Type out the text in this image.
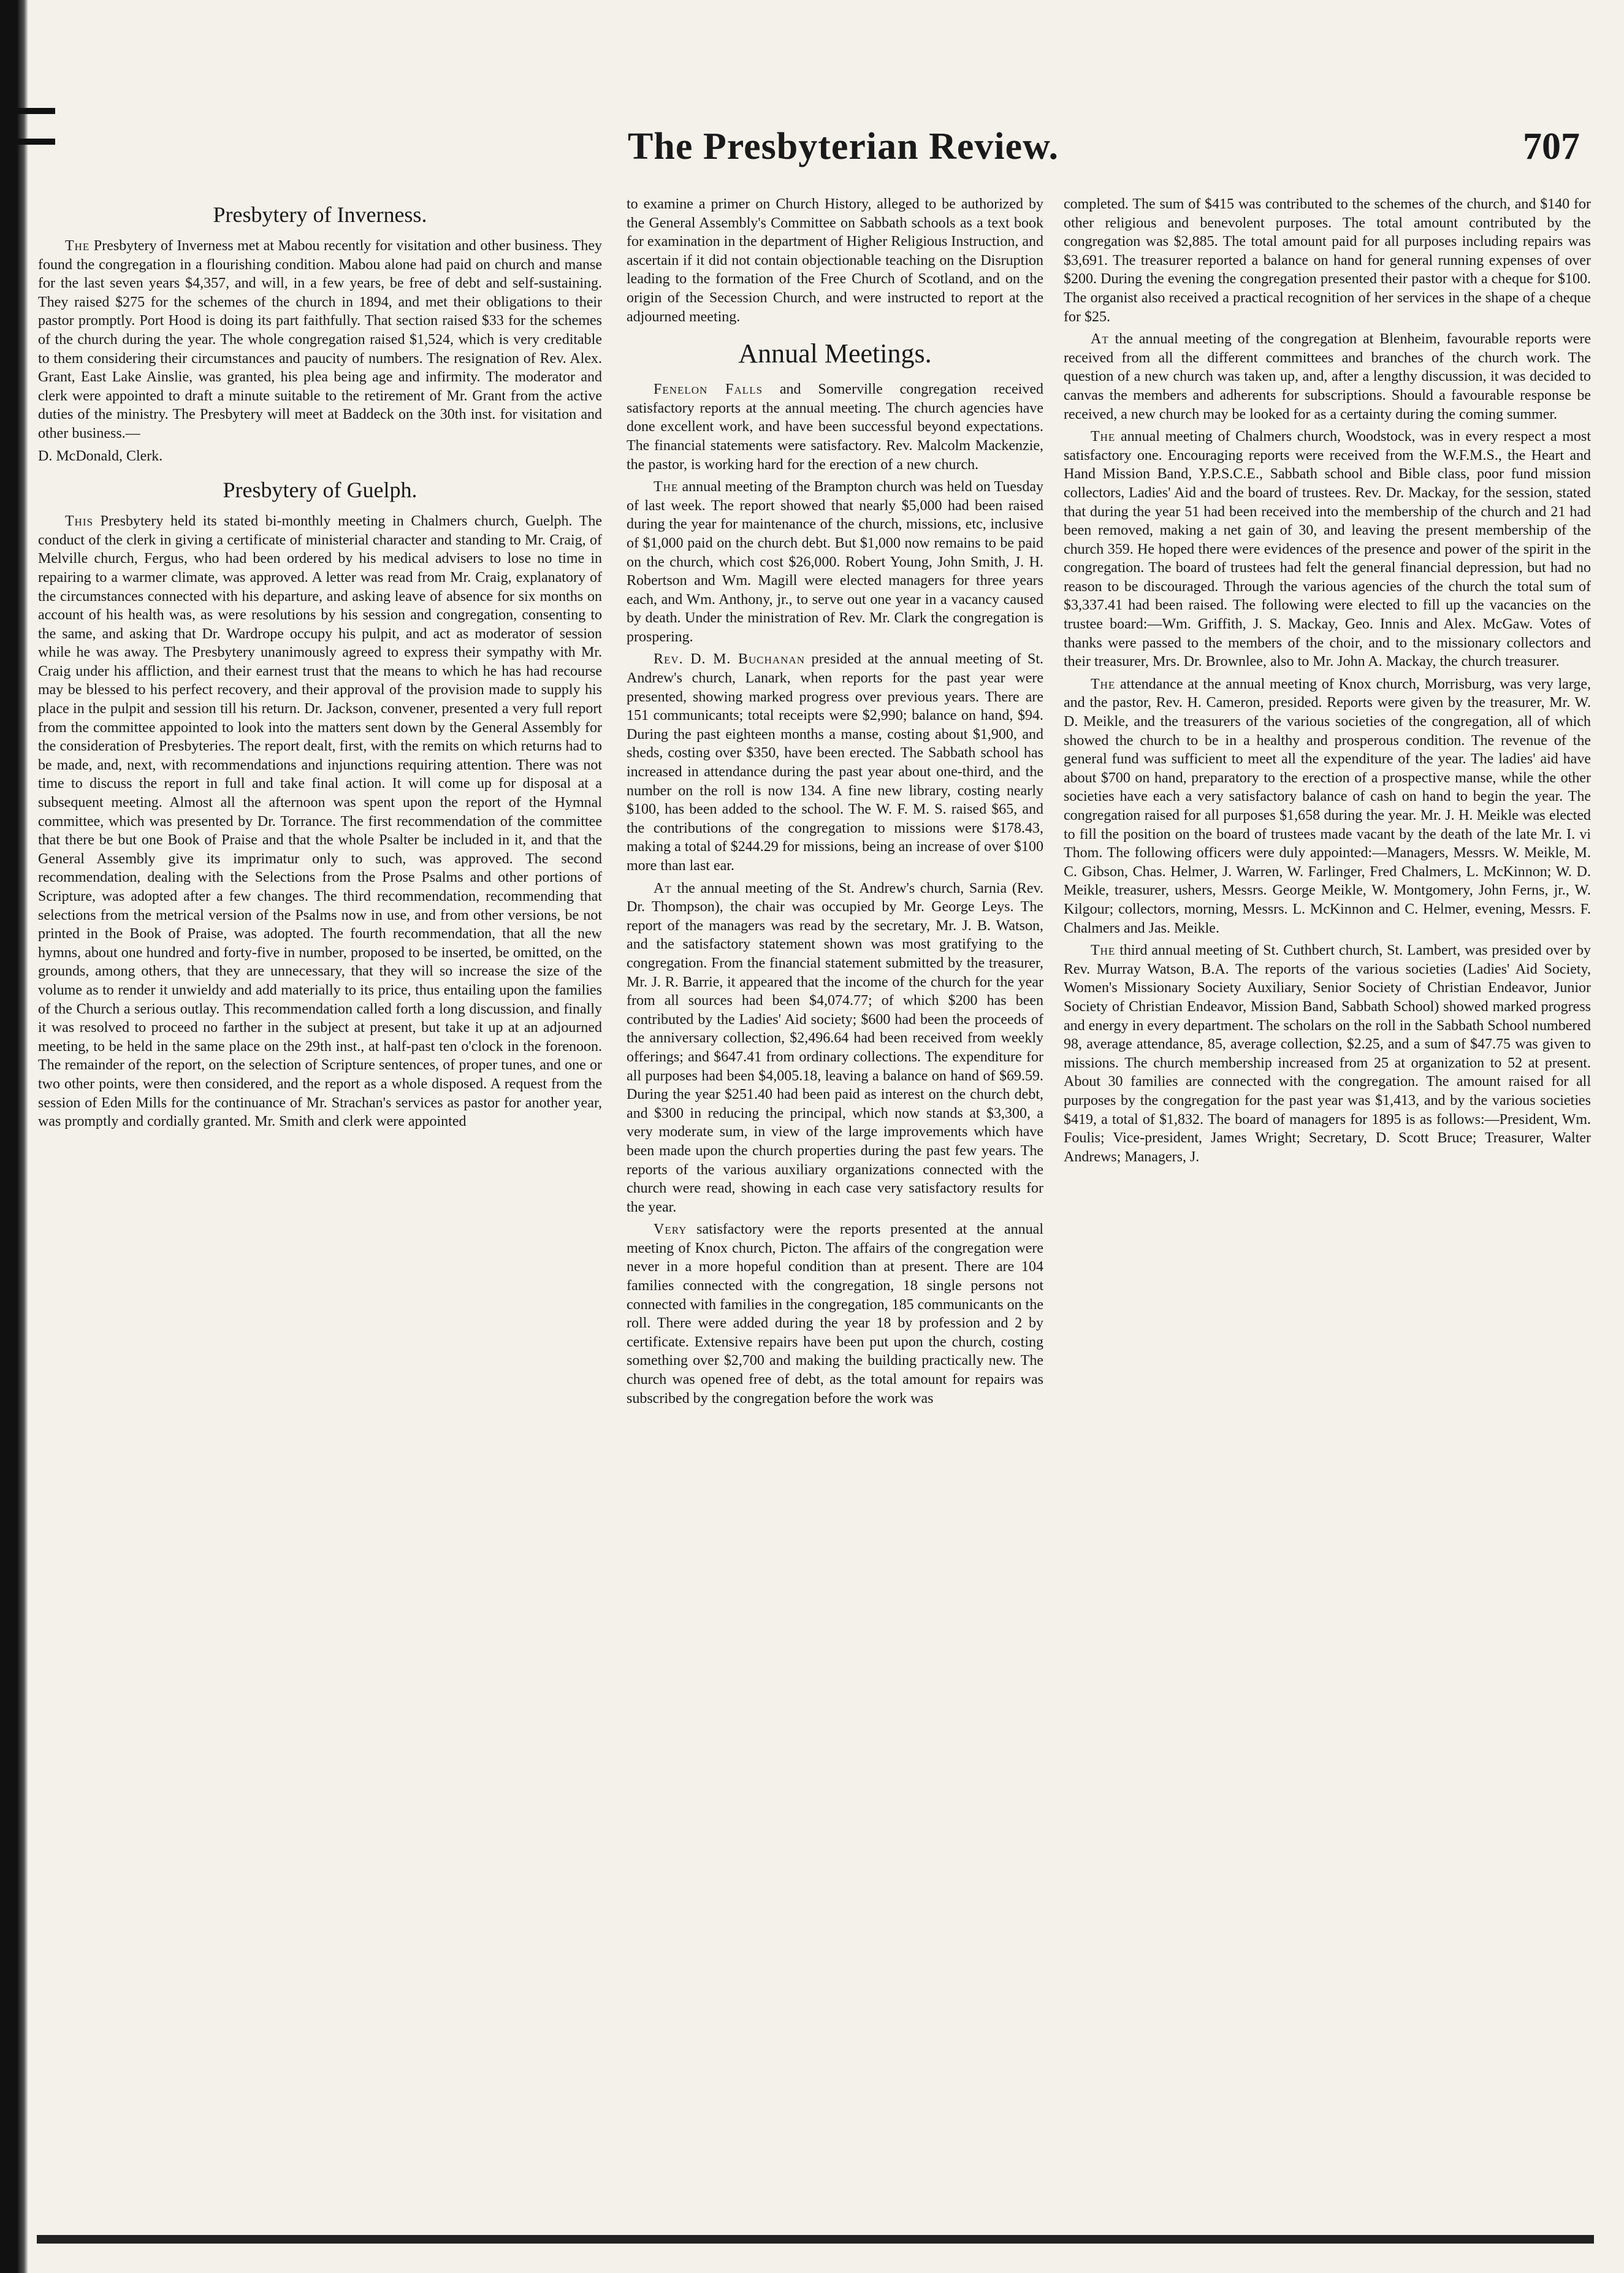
The Presbyterian Review.	707
Presbytery of Inverness.

The Presbytery of Inverness met at Mabou recently for visitation and other business. They found the congregation in a flourishing condition. Mabou alone had paid on church and manse for the last seven years $4,357, and will, in a few years, be free of debt and self-sustaining. They raised $275 for the schemes of the church in 1894, and met their obligations to their pastor promptly. Port Hood is doing its part faithfully. That section raised $33 for the schemes of the church during the year. The whole congregation raised $1,524, which is very creditable to them considering their circumstances and paucity of numbers. The resignation of Rev. Alex. Grant, East Lake Ainslie, was granted, his plea being age and infirmity. The moderator and clerk were appointed to draft a minute suitable to the retirement of Mr. Grant from the active duties of the ministry. The Presbytery will meet at Baddeck on the 30th inst. for visitation and other business.—

D. McDonald, Clerk.

Presbytery of Guelph.

This Presbytery held its stated bi-monthly meeting in Chalmers church, Guelph. The conduct of the clerk in giving a certificate of ministerial character and standing to Mr. Craig, of Melville church, Fergus, who had been ordered by his medical advisers to lose no time in repairing to a warmer climate, was approved. A letter was read from Mr. Craig, explanatory of the circumstances connected with his departure, and asking leave of absence for six months on account of his health was, as were resolutions by his session and congregation, consenting to the same, and asking that Dr. Wardrope occupy his pulpit, and act as moderator of session while he was away. The Presbytery unanimously agreed to express their sympathy with Mr. Craig under his affliction, and their earnest trust that the means to which he has had recourse may be blessed to his perfect recovery, and their approval of the provision made to supply his place in the pulpit and session till his return. Dr. Jackson, convener, presented a very full report from the committee appointed to look into the matters sent down by the General Assembly for the consideration of Presbyteries. The report dealt, first, with the remits on which returns had to be made, and, next, with recommendations and injunctions requiring attention. There was not time to discuss the report in full and take final action. It will come up for disposal at a subsequent meeting. Almost all the afternoon was spent upon the report of the Hymnal committee, which was presented by Dr. Torrance. The first recommendation of the committee that there be but one Book of Praise and that the whole Psalter be included in it, and that the General Assembly give its imprimatur only to such, was approved. The second recommendation, dealing with the Selections from the Prose Psalms and other portions of Scripture, was adopted after a few changes. The third recommendation, recommending that selections from the metrical version of the Psalms now in use, and from other versions, be not printed in the Book of Praise, was adopted. The fourth recommendation, that all the new hymns, about one hundred and forty-five in number, proposed to be inserted, be omitted, on the grounds, among others, that they are unnecessary, that they will so increase the size of the volume as to render it unwieldy and add materially to its price, thus entailing upon the families of the Church a serious outlay. This recommendation called forth a long discussion, and finally it was resolved to proceed no farther in the subject at present, but take it up at an adjourned meeting, to be held in the same place on the 29th inst., at half-past ten o'clock in the forenoon. The remainder of the report, on the selection of Scripture sentences, of proper tunes, and one or two other points, were then considered, and the report as a whole disposed. A request from the session of Eden Mills for the continuance of Mr. Strachan's services as pastor for another year, was promptly and cordially granted. Mr. Smith and clerk were appointed

to examine a primer on Church History, alleged to be authorized by the General Assembly's Committee on Sabbath schools as a text book for examination in the department of Higher Religious Instruction, and ascertain if it did not contain objectionable teaching on the Disruption leading to the formation of the Free Church of Scotland, and on the origin of the Secession Church, and were instructed to report at the adjourned meeting.

Annual Meetings.

Fenelon Falls and Somerville congregation received satisfactory reports at the annual meeting. The church agencies have done excellent work, and have been successful beyond expectations. The financial statements were satisfactory. Rev. Malcolm Mackenzie, the pastor, is working hard for the erection of a new church.

The annual meeting of the Brampton church was held on Tuesday of last week. The report showed that nearly $5,000 had been raised during the year for maintenance of the church, missions, etc, inclusive of $1,000 paid on the church debt. But $1,000 now remains to be paid on the church, which cost $26,000. Robert Young, John Smith, J. H. Robertson and Wm. Magill were elected managers for three years each, and Wm. Anthony, jr., to serve out one year in a vacancy caused by death. Under the ministration of Rev. Mr. Clark the congregation is prospering.

Rev. D. M. Buchanan presided at the annual meeting of St. Andrew's church, Lanark, when reports for the past year were presented, showing marked progress over previous years. There are 151 communicants; total receipts were $2,990; balance on hand, $94. During the past eighteen months a manse, costing about $1,900, and sheds, costing over $350, have been erected. The Sabbath school has increased in attendance during the past year about one-third, and the number on the roll is now 134. A fine new library, costing nearly $100, has been added to the school. The W. F. M. S. raised $65, and the contributions of the congregation to missions were $178.43, making a total of $244.29 for missions, being an increase of over $100 more than last ear.

At the annual meeting of the St. Andrew's church, Sarnia (Rev. Dr. Thompson), the chair was occupied by Mr. George Leys. The report of the managers was read by the secretary, Mr. J. B. Watson, and the satisfactory statement shown was most gratifying to the congregation. From the financial statement submitted by the treasurer, Mr. J. R. Barrie, it appeared that the income of the church for the year from all sources had been $4,074.77; of which $200 has been contributed by the Ladies' Aid society; $600 had been the proceeds of the anniversary collection, $2,496.64 had been received from weekly offerings; and $647.41 from ordinary collections. The expenditure for all purposes had been $4,005.18, leaving a balance on hand of $69.59. During the year $251.40 had been paid as interest on the church debt, and $300 in reducing the principal, which now stands at $3,300, a very moderate sum, in view of the large improvements which have been made upon the church properties during the past few years. The reports of the various auxiliary organizations connected with the church were read, showing in each case very satisfactory results for the year.

Very satisfactory were the reports presented at the annual meeting of Knox church, Picton. The affairs of the congregation were never in a more hopeful condition than at present. There are 104 families connected with the congregation, 18 single persons not connected with families in the congregation, 185 communicants on the roll. There were added during the year 18 by profession and 2 by certificate. Extensive repairs have been put upon the church, costing something over $2,700 and making the building practically new. The church was opened free of debt, as the total amount for repairs was subscribed by the congregation before the work was

completed. The sum of $415 was contributed to the schemes of the church, and $140 for other religious and benevolent purposes. The total amount contributed by the congregation was $2,885. The total amount paid for all purposes including repairs was $3,691. The treasurer reported a balance on hand for general running expenses of over $200. During the evening the congregation presented their pastor with a cheque for $100. The organist also received a practical recognition of her services in the shape of a cheque for $25.

At the annual meeting of the congregation at Blenheim, favourable reports were received from all the different committees and branches of the church work. The question of a new church was taken up, and, after a lengthy discussion, it was decided to canvas the members and adherents for subscriptions. Should a favourable response be received, a new church may be looked for as a certainty during the coming summer.

The annual meeting of Chalmers church, Woodstock, was in every respect a most satisfactory one. Encouraging reports were received from the W.F.M.S., the Heart and Hand Mission Band, Y.P.S.C.E., Sabbath school and Bible class, poor fund mission collectors, Ladies' Aid and the board of trustees. Rev. Dr. Mackay, for the session, stated that during the year 51 had been received into the membership of the church and 21 had been removed, making a net gain of 30, and leaving the present membership of the church 359. He hoped there were evidences of the presence and power of the spirit in the congregation. The board of trustees had felt the general financial depression, but had no reason to be discouraged. Through the various agencies of the church the total sum of $3,337.41 had been raised. The following were elected to fill up the vacancies on the trustee board:—Wm. Griffith, J. S. Mackay, Geo. Innis and Alex. McGaw. Votes of thanks were passed to the members of the choir, and to the missionary collectors and their treasurer, Mrs. Dr. Brownlee, also to Mr. John A. Mackay, the church treasurer.

The attendance at the annual meeting of Knox church, Morrisburg, was very large, and the pastor, Rev. H. Cameron, presided. Reports were given by the treasurer, Mr. W. D. Meikle, and the treasurers of the various societies of the congregation, all of which showed the church to be in a healthy and prosperous condition. The revenue of the general fund was sufficient to meet all the expenditure of the year. The ladies' aid have about $700 on hand, preparatory to the erection of a prospective manse, while the other societies have each a very satisfactory balance of cash on hand to begin the year. The congregation raised for all purposes $1,658 during the year. Mr. J. H. Meikle was elected to fill the position on the board of trustees made vacant by the death of the late Mr. I. vi Thom. The following officers were duly appointed:—Managers, Messrs. W. Meikle, M. C. Gibson, Chas. Helmer, J. Warren, W. Farlinger, Fred Chalmers, L. McKinnon; W. D. Meikle, treasurer, ushers, Messrs. George Meikle, W. Montgomery, John Ferns, jr., W. Kilgour; collectors, morning, Messrs. L. McKinnon and C. Helmer, evening, Messrs. F. Chalmers and Jas. Meikle.

The third annual meeting of St. Cuthbert church, St. Lambert, was presided over by Rev. Murray Watson, B.A. The reports of the various societies (Ladies' Aid Society, Women's Missionary Society Auxiliary, Senior Society of Christian Endeavor, Junior Society of Christian Endeavor, Mission Band, Sabbath School) showed marked progress and energy in every department. The scholars on the roll in the Sabbath School numbered 98, average attendance, 85, average collection, $2.25, and a sum of $47.75 was given to missions. The church membership increased from 25 at organization to 52 at present. About 30 families are connected with the congregation. The amount raised for all purposes by the congregation for the past year was $1,413, and by the various societies $419, a total of $1,832. The board of managers for 1895 is as follows:—President, Wm. Foulis; Vice-president, James Wright; Secretary, D. Scott Bruce; Treasurer, Walter Andrews; Managers, J.
